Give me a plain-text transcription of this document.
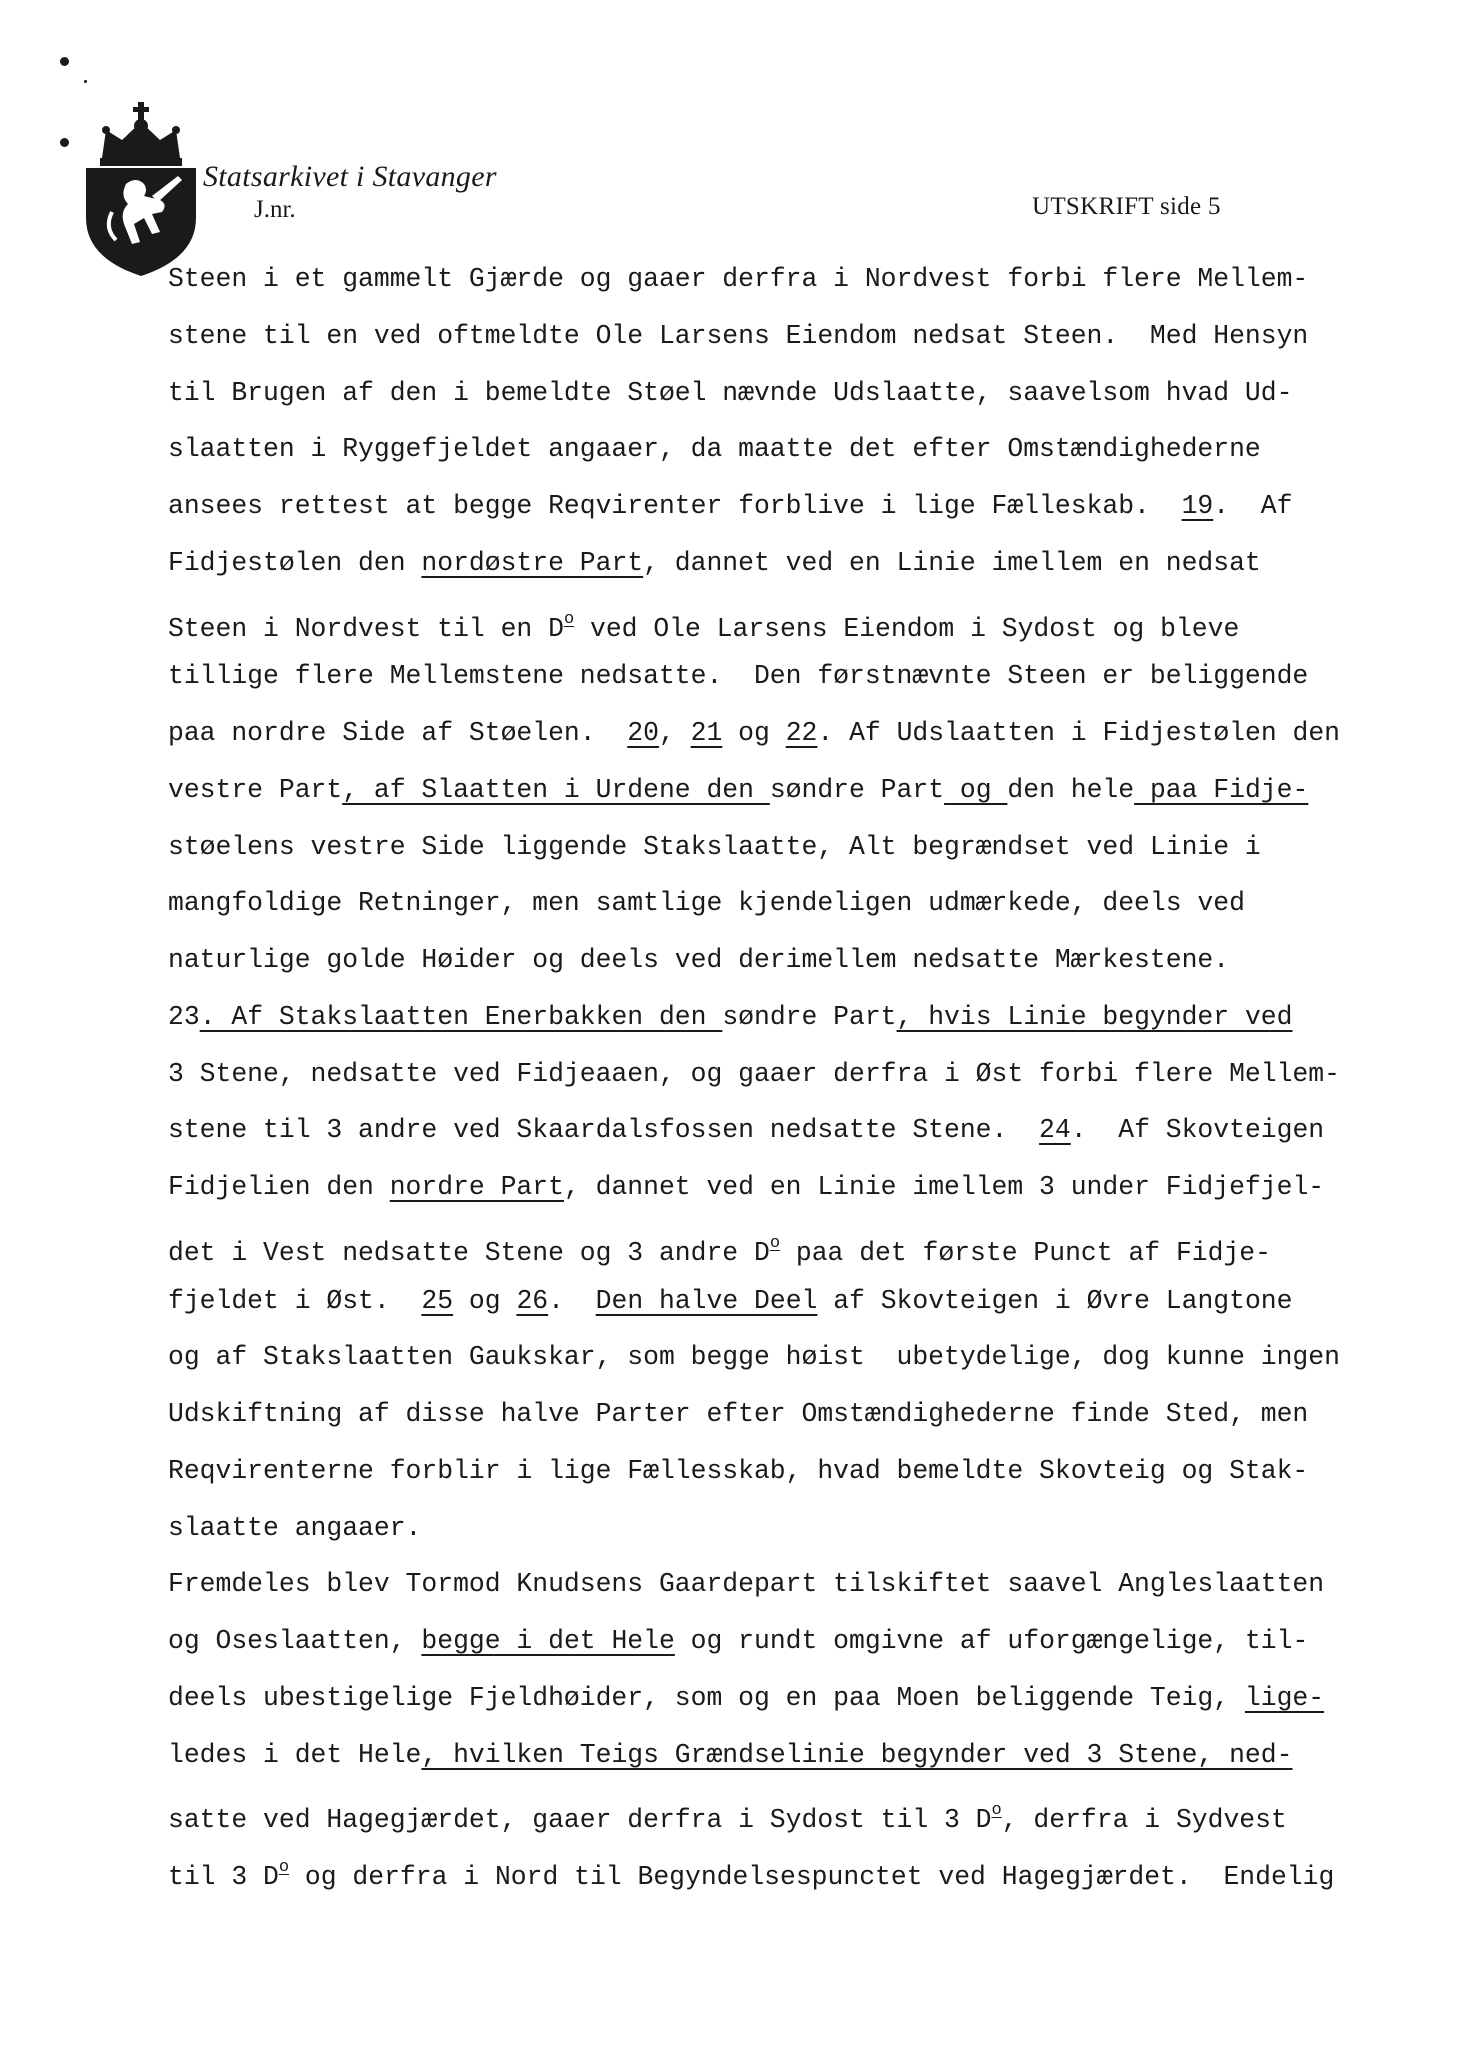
Statsarkivet i Stavanger
J.nr.	UTSKRIFT side 5
Steen i et gammelt Gjærde og gaaer derfra i Nordvest forbi flere Mellem-
stene til en ved oftmeldte Ole Larsens Eiendom nedsat Steen.  Med Hensyn
til Brugen af den i bemeldte Støel nævnde Udslaatte, saavelsom hvad Ud-
slaatten i Ryggefjeldet angaaer, da maatte det efter Omstændighederne
ansees rettest at begge Reqvirenter forblive i lige Fælleskab.  19.  Af
Fidjestølen den nordøstre Part, dannet ved en Linie imellem en nedsat
Steen i Nordvest til en $D^o$ ved Ole Larsens Eiendom i Sydost og bleve
tillige flere Mellemstene nedsatte.  Den førstnævnte Steen er beliggende
paa nordre Side af Støelen.  20, 21 og 22. Af Udslaatten i Fidjestølen den
vestre Part, af Slaatten i Urdene den søndre Part og den hele paa Fidje-
støelens vestre Side liggende Stakslaatte, Alt begrændset ved Linie i
mangfoldige Retninger, men samtlige kjendeligen udmærkede, deels ved
naturlige golde Høider og deels ved derimellem nedsatte Mærkestene.
23. Af Stakslaatten Enerbakken den søndre Part, hvis Linie begynder ved
3 Stene, nedsatte ved Fidjeaaen, og gaaer derfra i Øst forbi flere Mellem-
stene til 3 andre ved Skaardalsfossen nedsatte Stene.  24.  Af Skovteigen
Fidjelien den nordre Part, dannet ved en Linie imellem 3 under Fidjefjel-
det i Vest nedsatte Stene og 3 andre $D^o$ paa det første Punct af Fidje-
fjeldet i Øst.  25 og 26.  Den halve Deel af Skovteigen i Øvre Langtone
og af Stakslaatten Gaukskar, som begge høist  ubetydelige, dog kunne ingen
Udskiftning af disse halve Parter efter Omstændighederne finde Sted, men
Reqvirenterne forblir i lige Fællesskab, hvad bemeldte Skovteig og Stak-
slaatte angaaer.
Fremdeles blev Tormod Knudsens Gaardepart tilskiftet saavel Angleslaatten
og Oseslaatten, begge i det Hele og rundt omgivne af uforgængelige, til-
deels ubestigelige Fjeldhøider, som og en paa Moen beliggende Teig, lige-
ledes i det Hele, hvilken Teigs Grændselinie begynder ved 3 Stene, ned-
satte ved Hagegjærdet, gaaer derfra i Sydost til 3 $D^o$, derfra i Sydvest
til 3 $D^o$ og derfra i Nord til Begyndelsespunctet ved Hagegjærdet.  Endelig
